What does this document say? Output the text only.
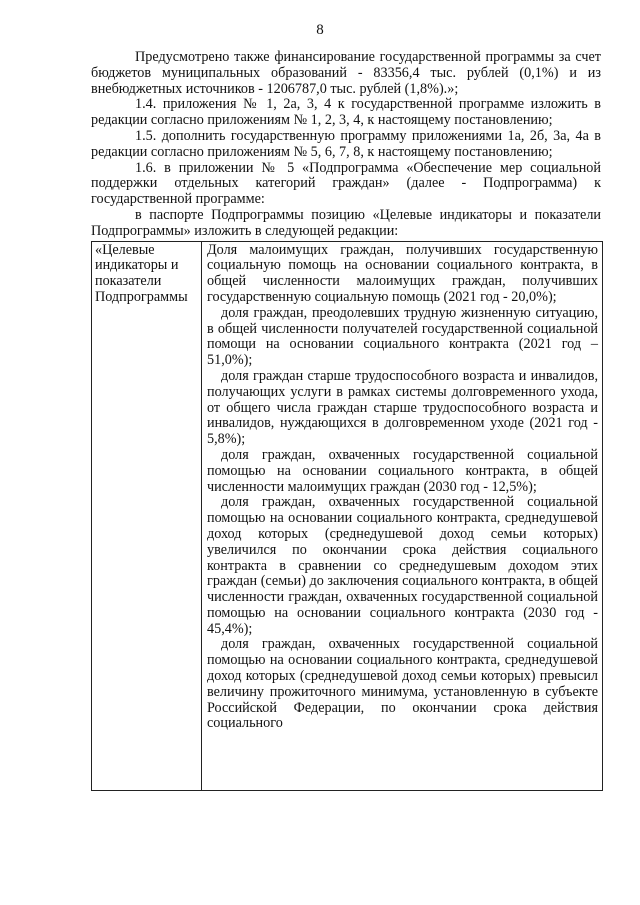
8

Предусмотрено также финансирование государственной программы за счет бюджетов муниципальных образований - 83356,4 тыс. рублей (0,1%) и из внебюджетных источников - 1206787,0 тыс. рублей (1,8%).»;

1.4. приложения № 1, 2а, 3, 4 к государственной программе изложить в редакции согласно приложениям № 1, 2, 3, 4, к настоящему постановлению;

1.5. дополнить государственную программу приложениями 1а, 2б, 3а, 4а в редакции согласно приложениям № 5, 6, 7, 8, к настоящему постановлению;

1.6. в приложении № 5 «Подпрограмма «Обеспечение мер социальной поддержки отдельных категорий граждан» (далее - Подпрограмма) к государственной программе:

в паспорте Подпрограммы позицию «Целевые индикаторы и показатели Подпрограммы» изложить в следующей редакции:

«Целевые индикаторы и показатели Подпрограммы

Доля малоимущих граждан, получивших государственную социальную помощь на основании социального контракта, в общей численности малоимущих граждан, получивших государственную социальную помощь (2021 год - 20,0%);

доля граждан, преодолевших трудную жизненную ситуацию, в общей численности получателей государственной социальной помощи на основании социального контракта (2021 год – 51,0%);

доля граждан старше трудоспособного возраста и инвалидов, получающих услуги в рамках системы долговременного ухода, от общего числа граждан старше трудоспособного возраста и инвалидов, нуждающихся в долговременном уходе (2021 год - 5,8%);

доля граждан, охваченных государственной социальной помощью на основании социального контракта, в общей численности малоимущих граждан (2030 год - 12,5%);

доля граждан, охваченных государственной социальной помощью на основании социального контракта, среднедушевой доход которых (среднедушевой доход семьи которых) увеличился по окончании срока действия социального контракта в сравнении со среднедушевым доходом этих граждан (семьи) до заключения социального контракта, в общей численности граждан, охваченных государственной социальной помощью на основании социального контракта (2030 год - 45,4%);

доля граждан, охваченных государственной социальной помощью на основании социального контракта, среднедушевой доход которых (среднедушевой доход семьи которых) превысил величину прожиточного минимума, установленную в субъекте Российской Федерации, по окончании срока действия социального
